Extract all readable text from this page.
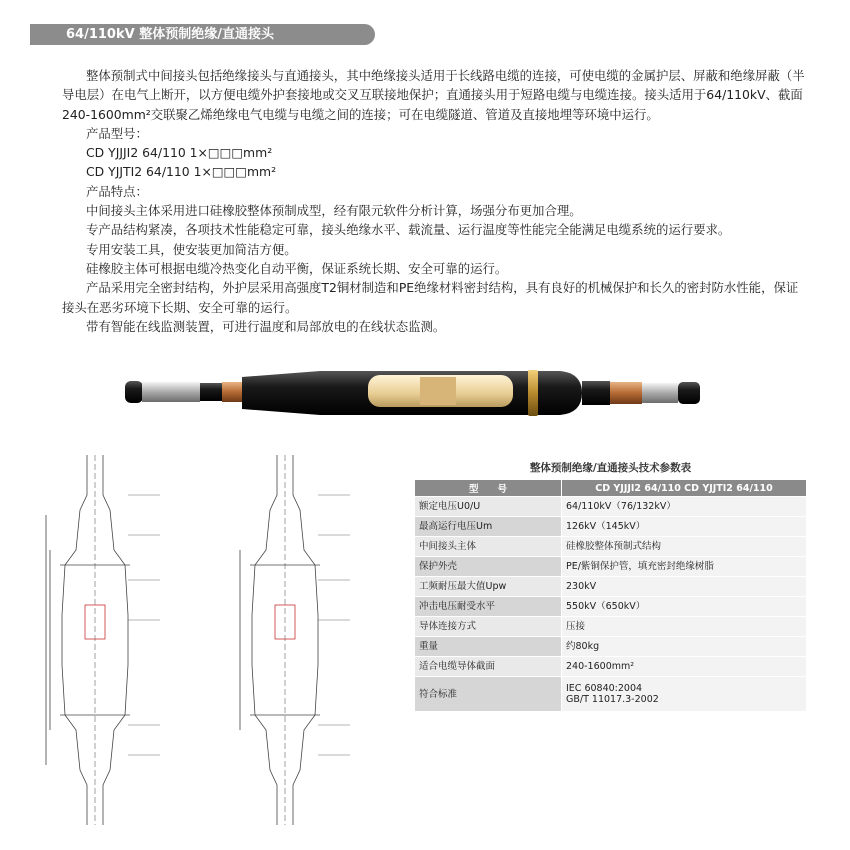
64/110kV 整体预制绝缘/直通接头

整体预制式中间接头包括绝缘接头与直通接头，其中绝缘接头适用于长线路电缆的连接，可使电缆的金属护层、屏蔽和绝缘屏蔽（半导电层）在电气上断开，以方便电缆外护套接地或交叉互联接地保护；直通接头用于短路电缆与电缆连接。接头适用于64/110kV、截面240-1600mm²交联聚乙烯绝缘电气电缆与电缆之间的连接；可在电缆隧道、管道及直接地埋等环境中运行。

产品型号：

CD YJJJI2 64/110 1×□□□mm²

CD YJJTI2 64/110 1×□□□mm²

产品特点：

中间接头主体采用进口硅橡胶整体预制成型，经有限元软件分析计算，场强分布更加合理。

专产品结构紧凑，各项技术性能稳定可靠，接头绝缘水平、载流量、运行温度等性能完全能满足电缆系统的运行要求。

专用安装工具，使安装更加简洁方便。

硅橡胶主体可根据电缆冷热变化自动平衡，保证系统长期、安全可靠的运行。

产品采用完全密封结构，外护层采用高强度T2铜材制造和PE绝缘材料密封结构，具有良好的机械保护和长久的密封防水性能，保证接头在恶劣环境下长期、安全可靠的运行。

带有智能在线监测装置，可进行温度和局部放电的在线状态监测。

整体预制绝缘/直通接头技术参数表
型　　号	CD YJJJI2 64/110 CD YJJTI2 64/110
额定电压U0/U	64/110kV（76/132kV）
最高运行电压Um	126kV（145kV）
中间接头主体	硅橡胶整体预制式结构
保护外壳	PE/紫铜保护管，填充密封绝缘树脂
工频耐压最大值Upw	230kV
冲击电压耐受水平	550kV（650kV）
导体连接方式	压接
重量	约80kg
适合电缆导体截面	240-1600mm²
符合标准	IEC 60840:2004
GB/T 11017.3-2002
